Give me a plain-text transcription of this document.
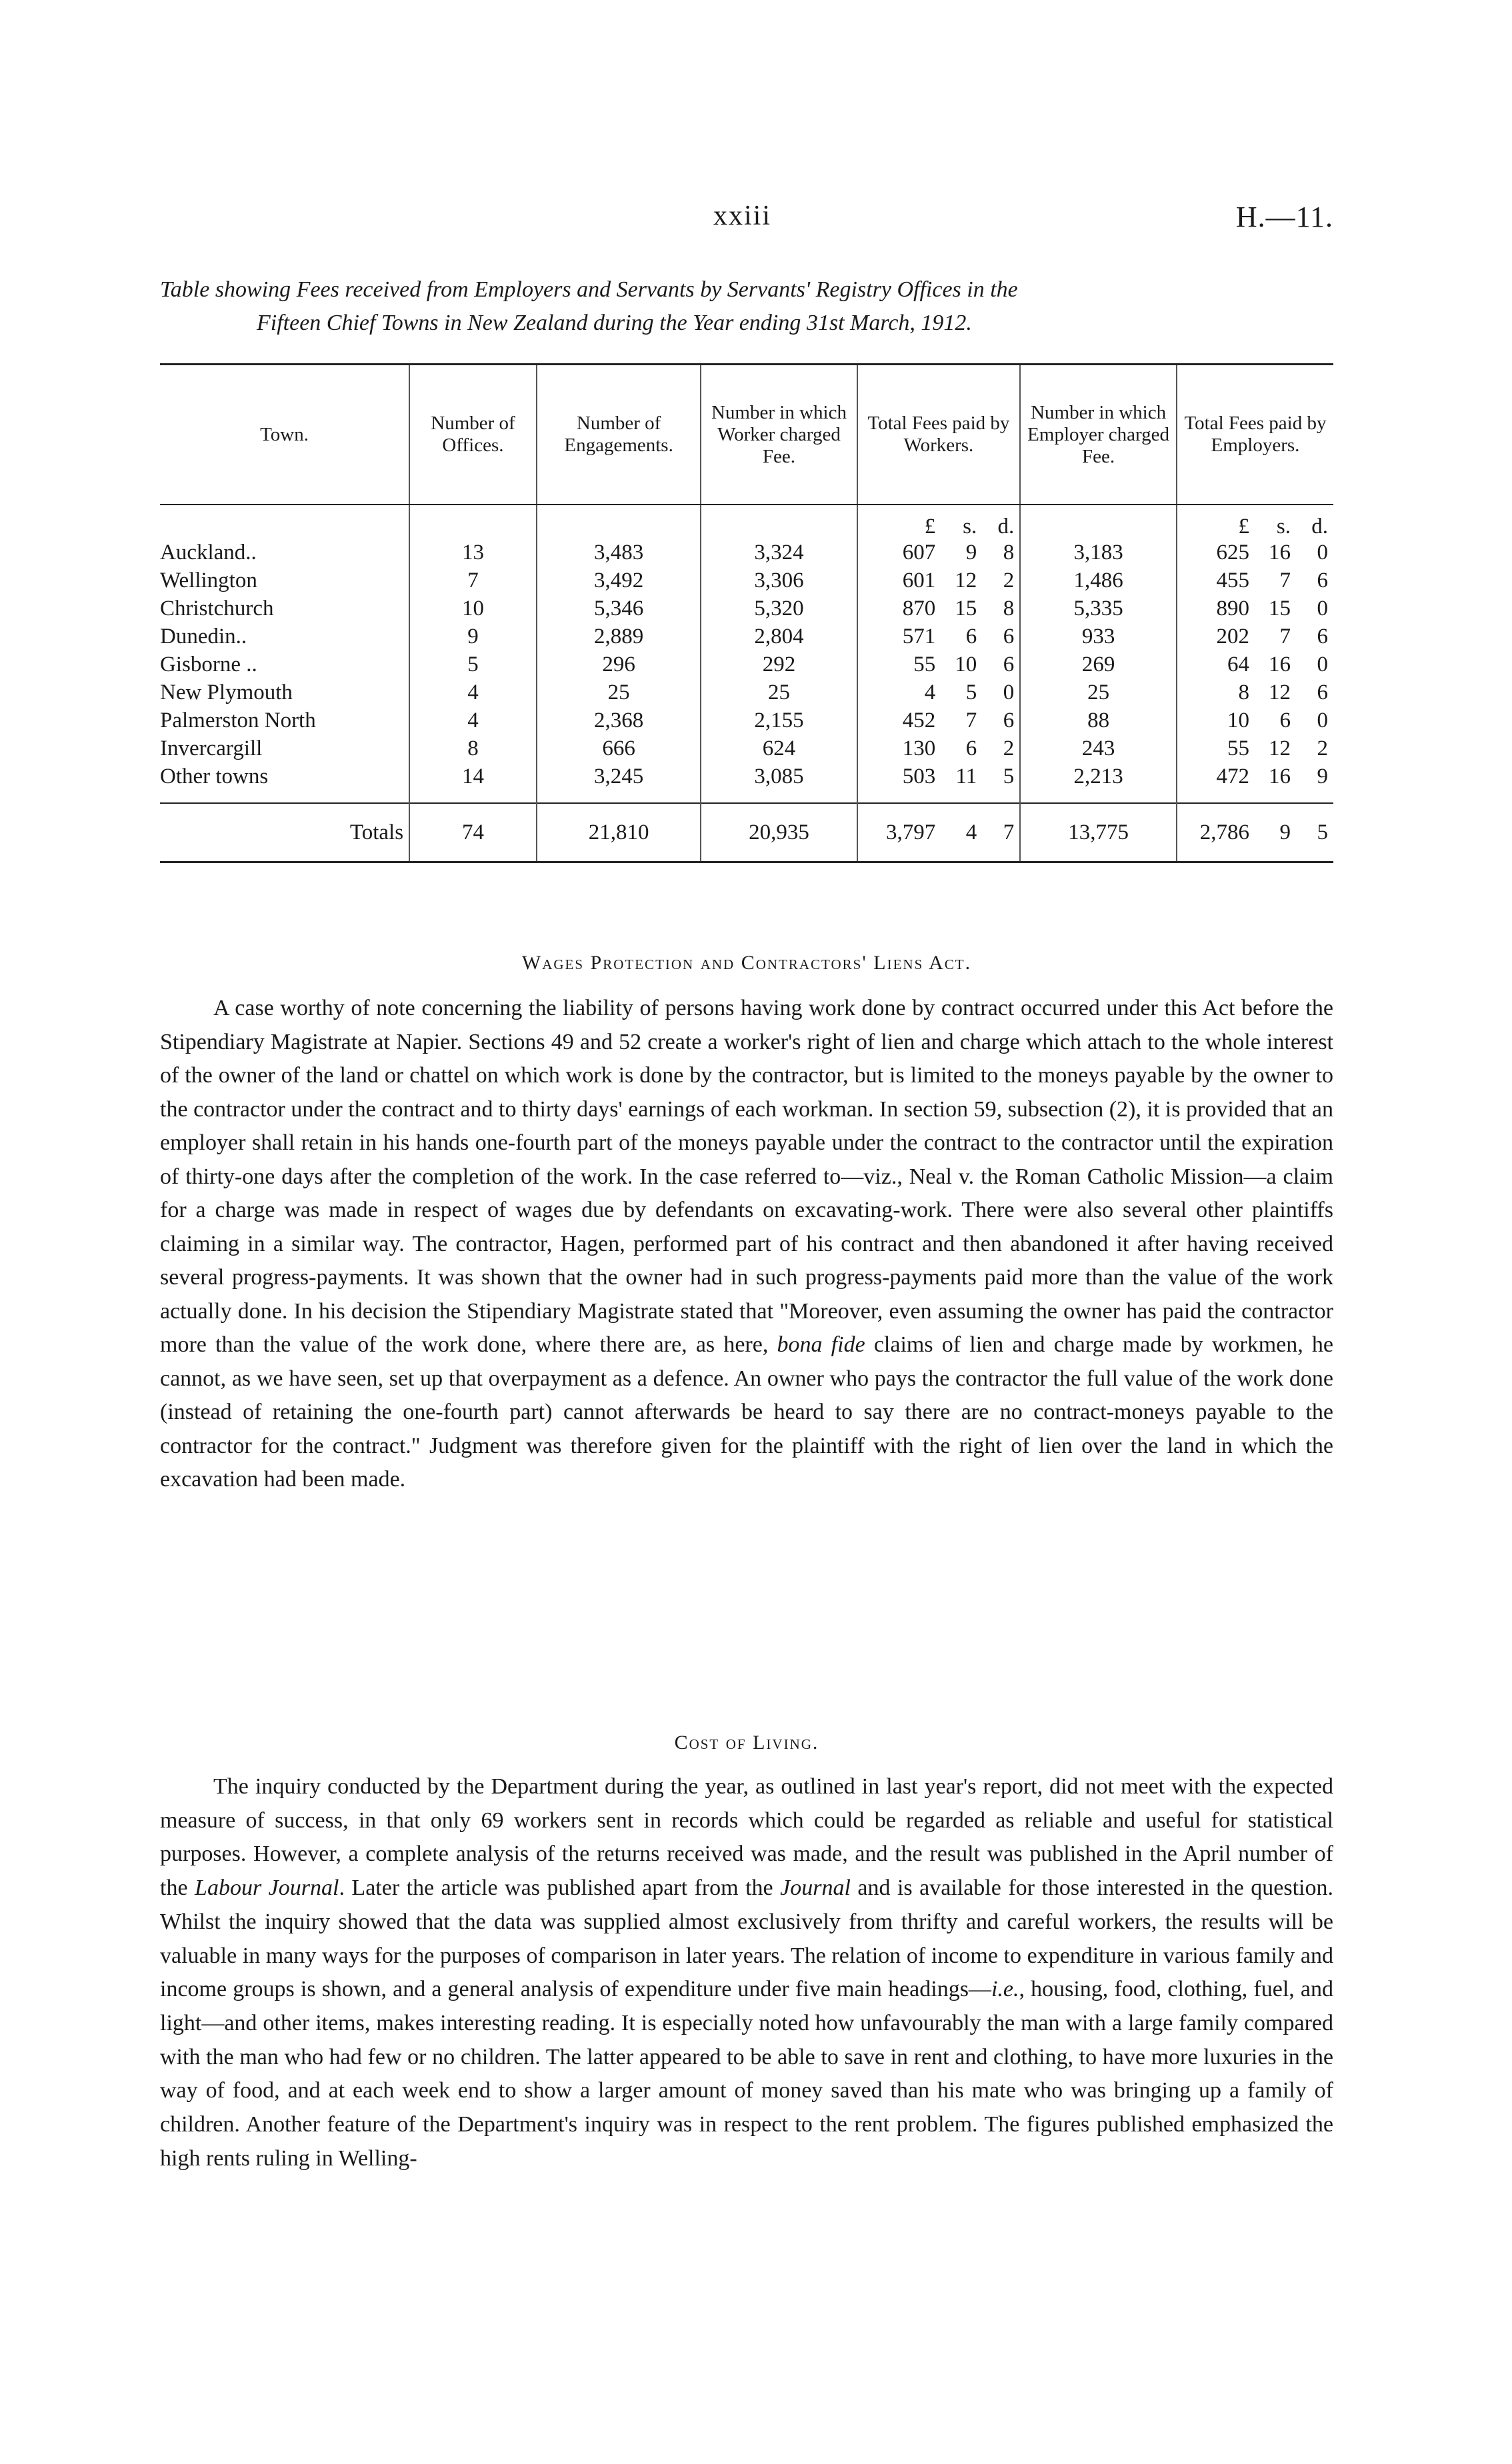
xxiii	H.—11.
Table showing Fees received from Employers and Servants by Servants' Registry Offices in the
Fifteen Chief Towns in New Zealand during the Year ending 31st March, 1912.
Town.	Number of Offices.	Number of Engagements.	Number in which Worker charged Fee.	Total Fees paid by Workers.	Number in which Employer charged Fee.	Total Fees paid by Employers.

				£ s. d.		£ s. d.

Auckland..	13	3,483	3,324	607 9 8	3,183	625 16 0

Wellington	7	3,492	3,306	601 12 2	1,486	455 7 6

Christchurch	10	5,346	5,320	870 15 8	5,335	890 15 0

Dunedin..	9	2,889	2,804	571 6 6	933	202 7 6

Gisborne ..	5	296	292	55 10 6	269	64 16 0

New Plymouth	4	25	25	4 5 0	25	8 12 6

Palmerston North	4	2,368	2,155	452 7 6	88	10 6 0

Invercargill	8	666	624	130 6 2	243	55 12 2

Other towns	14	3,245	3,085	503 11 5	2,213	472 16 9

Totals	74	21,810	20,935	3,797 4 7	13,775	2,786 9 5
Wages Protection and Contractors' Liens Act.

A case worthy of note concerning the liability of persons having work done by contract occurred under this Act before the Stipendiary Magistrate at Napier. Sections 49 and 52 create a worker's right of lien and charge which attach to the whole interest of the owner of the land or chattel on which work is done by the contractor, but is limited to the moneys payable by the owner to the contractor under the contract and to thirty days' earnings of each workman. In section 59, subsection (2), it is provided that an employer shall retain in his hands one-fourth part of the moneys payable under the contract to the contractor until the expiration of thirty-one days after the completion of the work. In the case referred to—viz., Neal v. the Roman Catholic Mission—a claim for a charge was made in respect of wages due by defendants on excavating-work. There were also several other plaintiffs claiming in a similar way. The contractor, Hagen, performed part of his contract and then abandoned it after having received several progress-payments. It was shown that the owner had in such progress-payments paid more than the value of the work actually done. In his decision the Stipendiary Magistrate stated that "Moreover, even assuming the owner has paid the contractor more than the value of the work done, where there are, as here, bona fide claims of lien and charge made by workmen, he cannot, as we have seen, set up that overpayment as a defence. An owner who pays the contractor the full value of the work done (instead of retaining the one-fourth part) cannot afterwards be heard to say there are no contract-moneys payable to the contractor for the contract." Judgment was therefore given for the plaintiff with the right of lien over the land in which the excavation had been made.

Cost of Living.

The inquiry conducted by the Department during the year, as outlined in last year's report, did not meet with the expected measure of success, in that only 69 workers sent in records which could be regarded as reliable and useful for statistical purposes. However, a complete analysis of the returns received was made, and the result was published in the April number of the Labour Journal. Later the article was published apart from the Journal and is available for those interested in the question. Whilst the inquiry showed that the data was supplied almost exclusively from thrifty and careful workers, the results will be valuable in many ways for the purposes of comparison in later years. The relation of income to expenditure in various family and income groups is shown, and a general analysis of expenditure under five main headings—i.e., housing, food, clothing, fuel, and light—and other items, makes interesting reading. It is especially noted how unfavourably the man with a large family compared with the man who had few or no children. The latter appeared to be able to save in rent and clothing, to have more luxuries in the way of food, and at each week end to show a larger amount of money saved than his mate who was bringing up a family of children. Another feature of the Department's inquiry was in respect to the rent problem. The figures published emphasized the high rents ruling in Welling-
